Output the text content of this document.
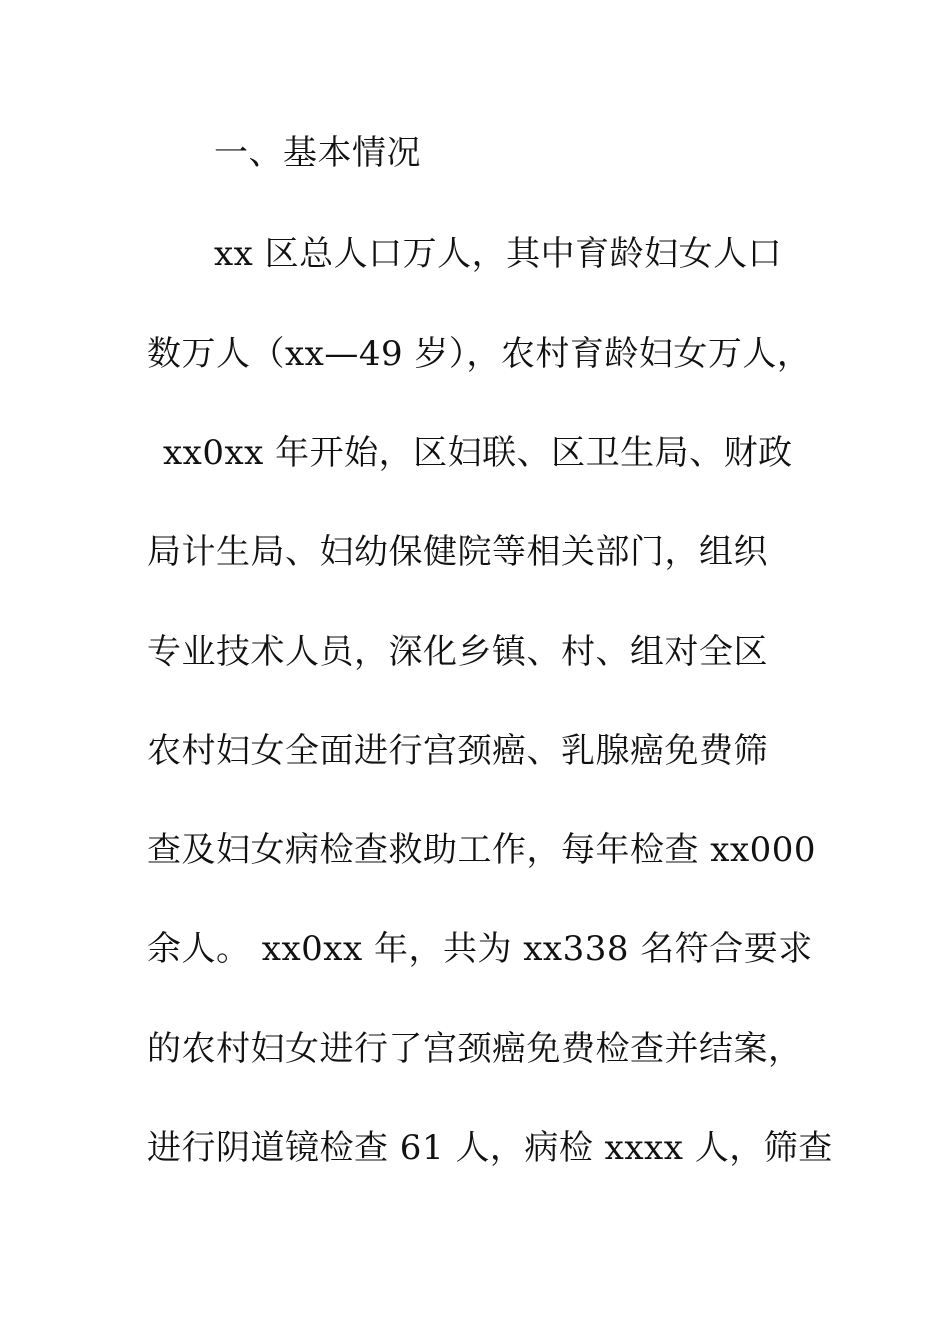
一、基本情况
xx 区总人口万人，其中育龄妇女人口
数万人（xx—49 岁），农村育龄妇女万人，
xx0xx 年开始，区妇联、区卫生局、财政
局计生局、妇幼保健院等相关部门，组织
专业技术人员，深化乡镇、村、组对全区
农村妇女全面进行宫颈癌、乳腺癌免费筛
查及妇女病检查救助工作，每年检查 xx000
余人。 xx0xx 年，共为 xx338 名符合要求
的农村妇女进行了宫颈癌免费检查并结案，
进行阴道镜检查 61 人，病检 xxxx 人，筛查
